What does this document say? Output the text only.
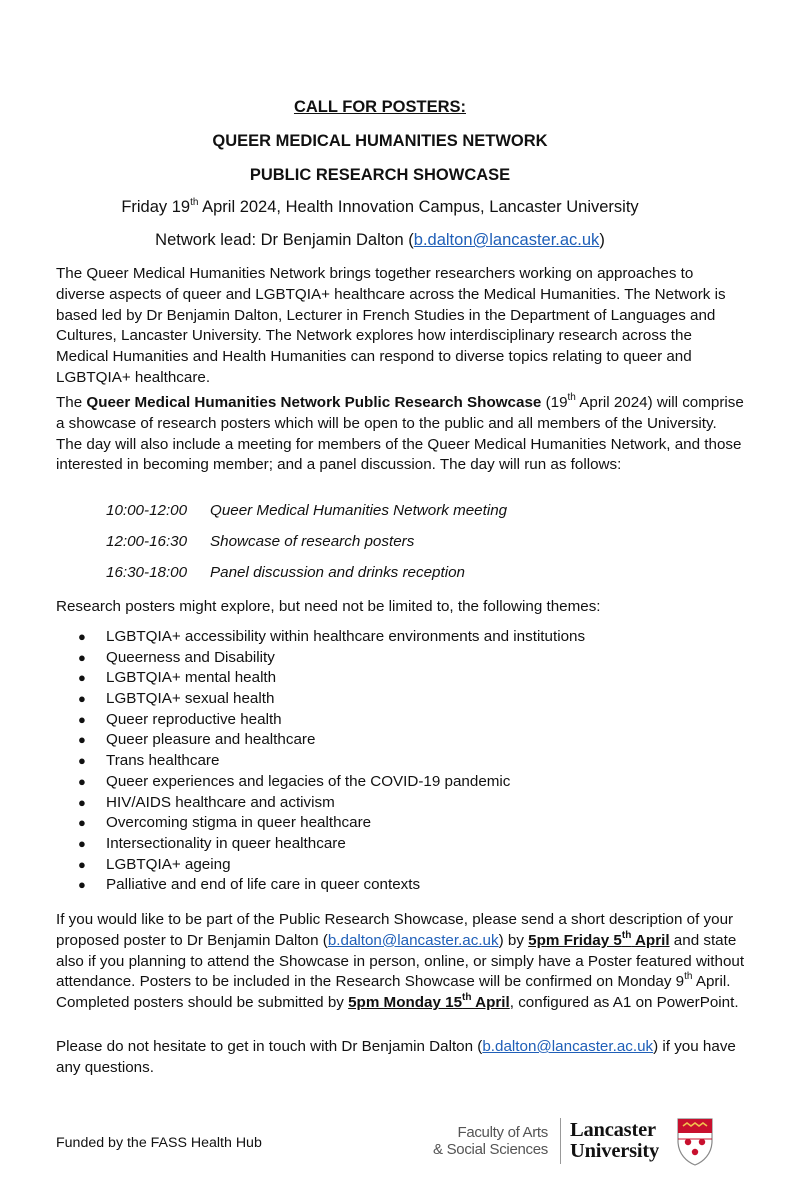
CALL FOR POSTERS:
QUEER MEDICAL HUMANITIES NETWORK
PUBLIC RESEARCH SHOWCASE
Friday 19th April 2024, Health Innovation Campus, Lancaster University
Network lead: Dr Benjamin Dalton (b.dalton@lancaster.ac.uk)

The Queer Medical Humanities Network brings together researchers working on approaches to diverse aspects of queer and LGBTQIA+ healthcare across the Medical Humanities. The Network is based led by Dr Benjamin Dalton, Lecturer in French Studies in the Department of Languages and Cultures, Lancaster University. The Network explores how interdisciplinary research across the Medical Humanities and Health Humanities can respond to diverse topics relating to queer and LGBTQIA+ healthcare.

The Queer Medical Humanities Network Public Research Showcase (19th April 2024) will comprise a showcase of research posters which will be open to the public and all members of the University. The day will also include a meeting for members of the Queer Medical Humanities Network, and those interested in becoming member; and a panel discussion. The day will run as follows:

10:00-12:00 Queer Medical Humanities Network meeting
12:00-16:30 Showcase of research posters
16:30-18:00 Panel discussion and drinks reception

Research posters might explore, but need not be limited to, the following themes:

● LGBTQIA+ accessibility within healthcare environments and institutions
● Queerness and Disability
● LGBTQIA+ mental health
● LGBTQIA+ sexual health
● Queer reproductive health
● Queer pleasure and healthcare
● Trans healthcare
● Queer experiences and legacies of the COVID-19 pandemic
● HIV/AIDS healthcare and activism
● Overcoming stigma in queer healthcare
● Intersectionality in queer healthcare
● LGBTQIA+ ageing
● Palliative and end of life care in queer contexts

If you would like to be part of the Public Research Showcase, please send a short description of your proposed poster to Dr Benjamin Dalton (b.dalton@lancaster.ac.uk) by 5pm Friday 5th April and state also if you planning to attend the Showcase in person, online, or simply have a Poster featured without attendance. Posters to be included in the Research Showcase will be confirmed on Monday 9th April. Completed posters should be submitted by 5pm Monday 15th April, configured as A1 on PowerPoint.

Please do not hesitate to get in touch with Dr Benjamin Dalton (b.dalton@lancaster.ac.uk) if you have any questions.

Funded by the FASS Health Hub
Faculty of Arts
& Social Sciences
Lancaster
University
